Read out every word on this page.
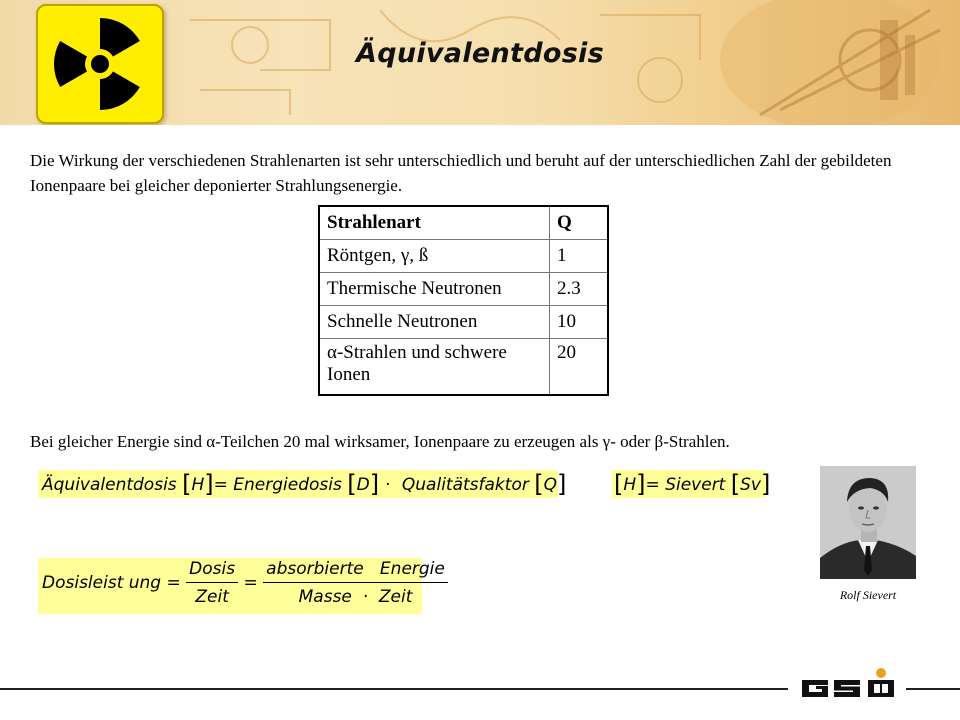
Äquivalentdosis
Die Wirkung der verschiedenen Strahlenarten ist sehr unterschiedlich und beruht auf der unterschiedlichen Zahl der gebildeten Ionenpaare bei gleicher deponierter Strahlungsenergie.
Strahlenart	Q
Röntgen, γ, ß	1
Thermische Neutronen	2.3
Schnelle Neutronen	10
α-Strahlen und schwere Ionen	20
Bei gleicher Energie sind α-Teilchen 20 mal wirksamer, Ionenpaare zu erzeugen als γ- oder β-Strahlen.
Äquivalentdosis [H]= Energiedosis [D] · Qualitätsfaktor [Q] [H]= Sievert [Sv]
Dosisleist ung = $\frac{\text{Dosis}}{\text{Zeit}} = \frac{\text{absorbierte   Energie}}{\text{Masse  ·  Zeit}}$	Rolf Sievert
